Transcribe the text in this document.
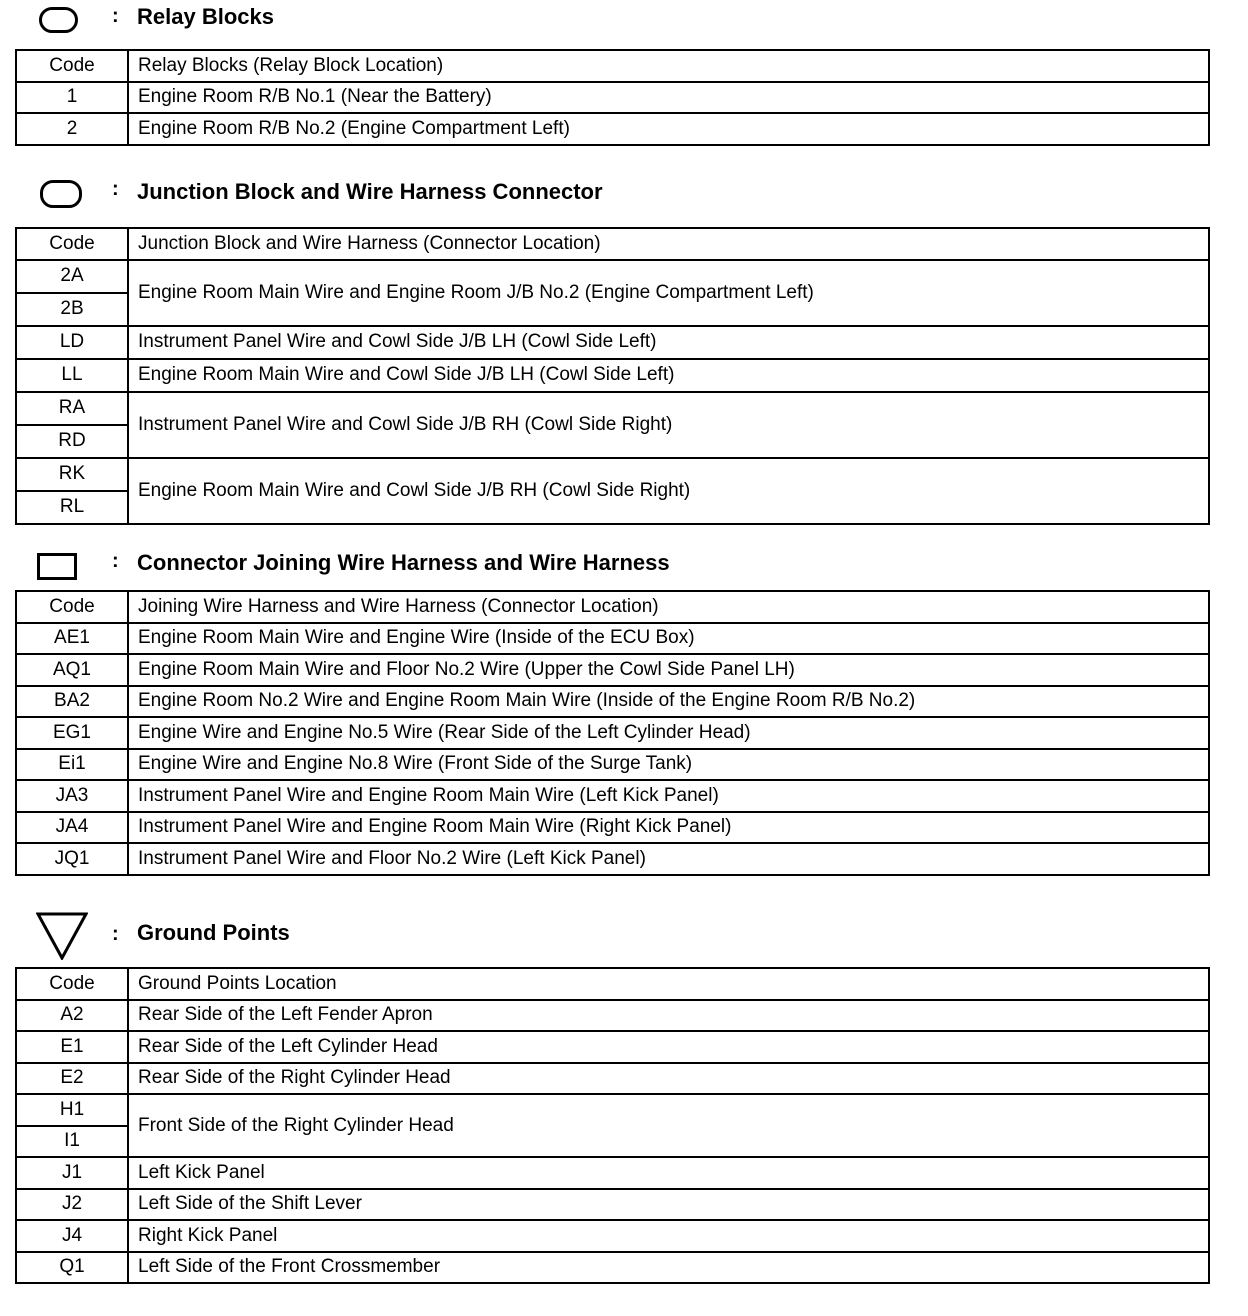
: Relay Blocks
Code	Relay Blocks (Relay Block Location)
1	Engine Room R/B No.1 (Near the Battery)
2	Engine Room R/B No.2 (Engine Compartment Left)
: Junction Block and Wire Harness Connector
Code	Junction Block and Wire Harness (Connector Location)
2A	Engine Room Main Wire and Engine Room J/B No.2 (Engine Compartment Left)
2B	
LD	Instrument Panel Wire and Cowl Side J/B LH (Cowl Side Left)
LL	Engine Room Main Wire and Cowl Side J/B LH (Cowl Side Left)
RA	Instrument Panel Wire and Cowl Side J/B RH (Cowl Side Right)
RD	
RK	Engine Room Main Wire and Cowl Side J/B RH (Cowl Side Right)
RL	
: Connector Joining Wire Harness and Wire Harness
Code	Joining Wire Harness and Wire Harness (Connector Location)
AE1	Engine Room Main Wire and Engine Wire (Inside of the ECU Box)
AQ1	Engine Room Main Wire and Floor No.2 Wire (Upper the Cowl Side Panel LH)
BA2	Engine Room No.2 Wire and Engine Room Main Wire (Inside of the Engine Room R/B No.2)
EG1	Engine Wire and Engine No.5 Wire (Rear Side of the Left Cylinder Head)
Ei1	Engine Wire and Engine No.8 Wire (Front Side of the Surge Tank)
JA3	Instrument Panel Wire and Engine Room Main Wire (Left Kick Panel)
JA4	Instrument Panel Wire and Engine Room Main Wire (Right Kick Panel)
JQ1	Instrument Panel Wire and Floor No.2 Wire (Left Kick Panel)
: Ground Points
Code	Ground Points Location
A2	Rear Side of the Left Fender Apron
E1	Rear Side of the Left Cylinder Head
E2	Rear Side of the Right Cylinder Head
H1	Front Side of the Right Cylinder Head
I1	
J1	Left Kick Panel
J2	Left Side of the Shift Lever
J4	Right Kick Panel
Q1	Left Side of the Front Crossmember
